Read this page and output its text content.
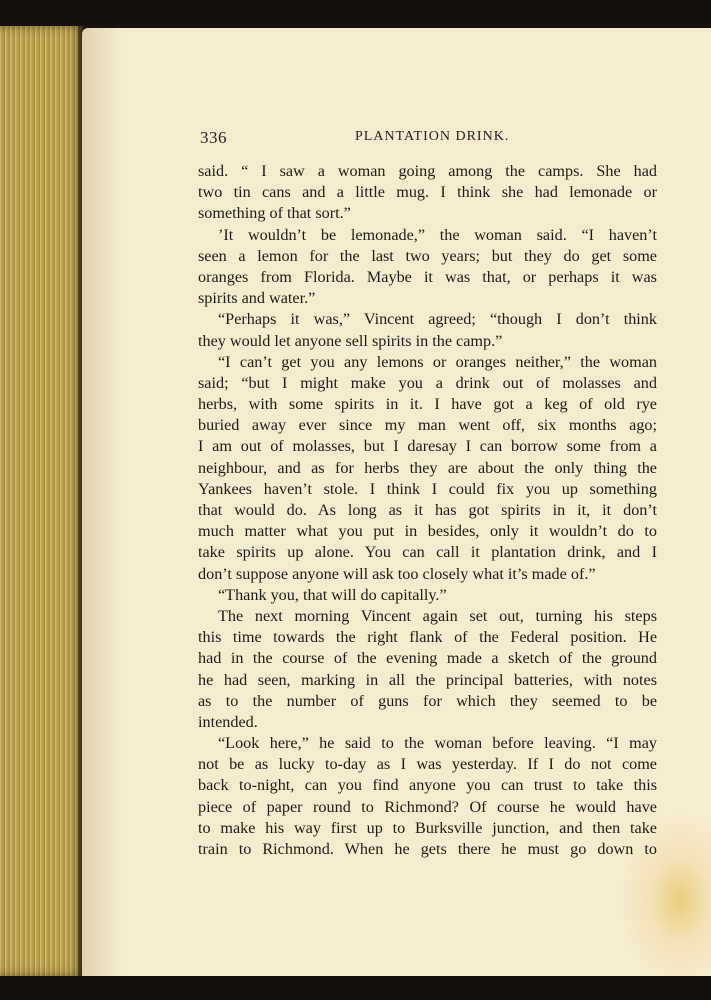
336	PLANTATION DRINK.
said. “ I saw a woman going among the camps. She had
two tin cans and a little mug. I think she had lemonade or
something of that sort.”
’It wouldn’t be lemonade,” the woman said. “I haven’t
seen a lemon for the last two years; but they do get some
oranges from Florida. Maybe it was that, or perhaps it was
spirits and water.”
“Perhaps it was,” Vincent agreed; “though I don’t think
they would let anyone sell spirits in the camp.”
“I can’t get you any lemons or oranges neither,” the woman
said; “but I might make you a drink out of molasses and
herbs, with some spirits in it. I have got a keg of old rye
buried away ever since my man went off, six months ago;
I am out of molasses, but I daresay I can borrow some from a
neighbour, and as for herbs they are about the only thing the
Yankees haven’t stole. I think I could fix you up something
that would do. As long as it has got spirits in it, it don’t
much matter what you put in besides, only it wouldn’t do to
take spirits up alone. You can call it plantation drink, and I
don’t suppose anyone will ask too closely what it’s made of.”
“Thank you, that will do capitally.”
The next morning Vincent again set out, turning his steps
this time towards the right flank of the Federal position. He
had in the course of the evening made a sketch of the ground
he had seen, marking in all the principal batteries, with notes
as to the number of guns for which they seemed to be
intended.
“Look here,” he said to the woman before leaving. “I may
not be as lucky to-day as I was yesterday. If I do not come
back to-night, can you find anyone you can trust to take this
piece of paper round to Richmond? Of course he would have
to make his way first up to Burksville junction, and then take
train to Richmond. When he gets there he must go down to
